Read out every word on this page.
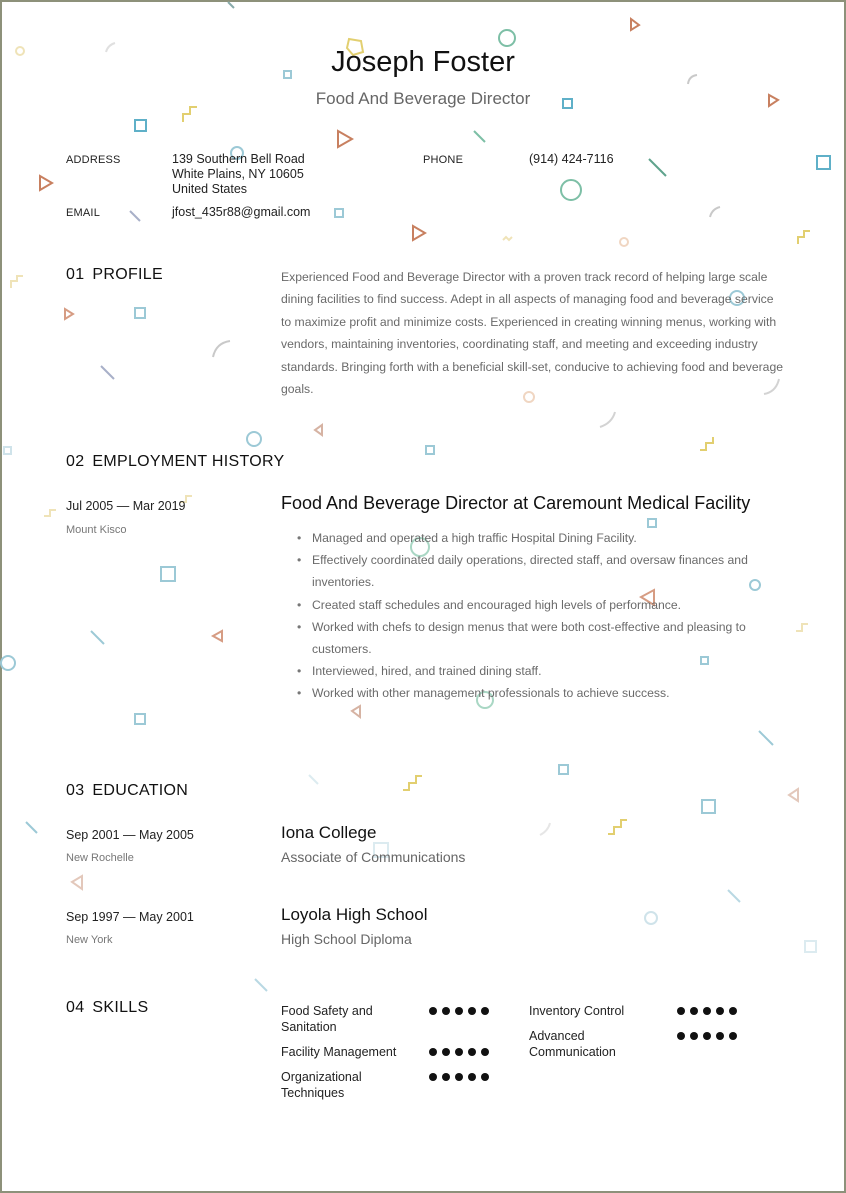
Joseph Foster
Food And Beverage Director
ADDRESS	139 Southern Bell Road
White Plains, NY 10605
United States
PHONE	(914) 424-7116
EMAIL	jfost_435r88@gmail.com
01 PROFILE	Experienced Food and Beverage Director with a proven track record of helping large scale dining facilities to find success. Adept in all aspects of managing food and beverage service to maximize profit and minimize costs. Experienced in creating winning menus, working with vendors, maintaining inventories, coordinating staff, and meeting and exceeding industry standards. Bringing forth with a beneficial skill-set, conducive to achieving food and beverage goals.
02 EMPLOYMENT HISTORY
Jul 2005 — Mar 2019
Mount Kisco
Food And Beverage Director at Caremount Medical Facility
• Managed and operated a high traffic Hospital Dining Facility.
• Effectively coordinated daily operations, directed staff, and oversaw finances and inventories.
• Created staff schedules and encouraged high levels of performance.
• Worked with chefs to design menus that were both cost-effective and pleasing to customers.
• Interviewed, hired, and trained dining staff.
• Worked with other management professionals to achieve success.
03 EDUCATION
Sep 2001 — May 2005
New Rochelle
Iona College
Associate of Communications
Sep 1997 — May 2001
New York
Loyola High School
High School Diploma
04 SKILLS	Food Safety and Sanitation
Inventory Control
Facility Management
Advanced Communication
Organizational Techniques
